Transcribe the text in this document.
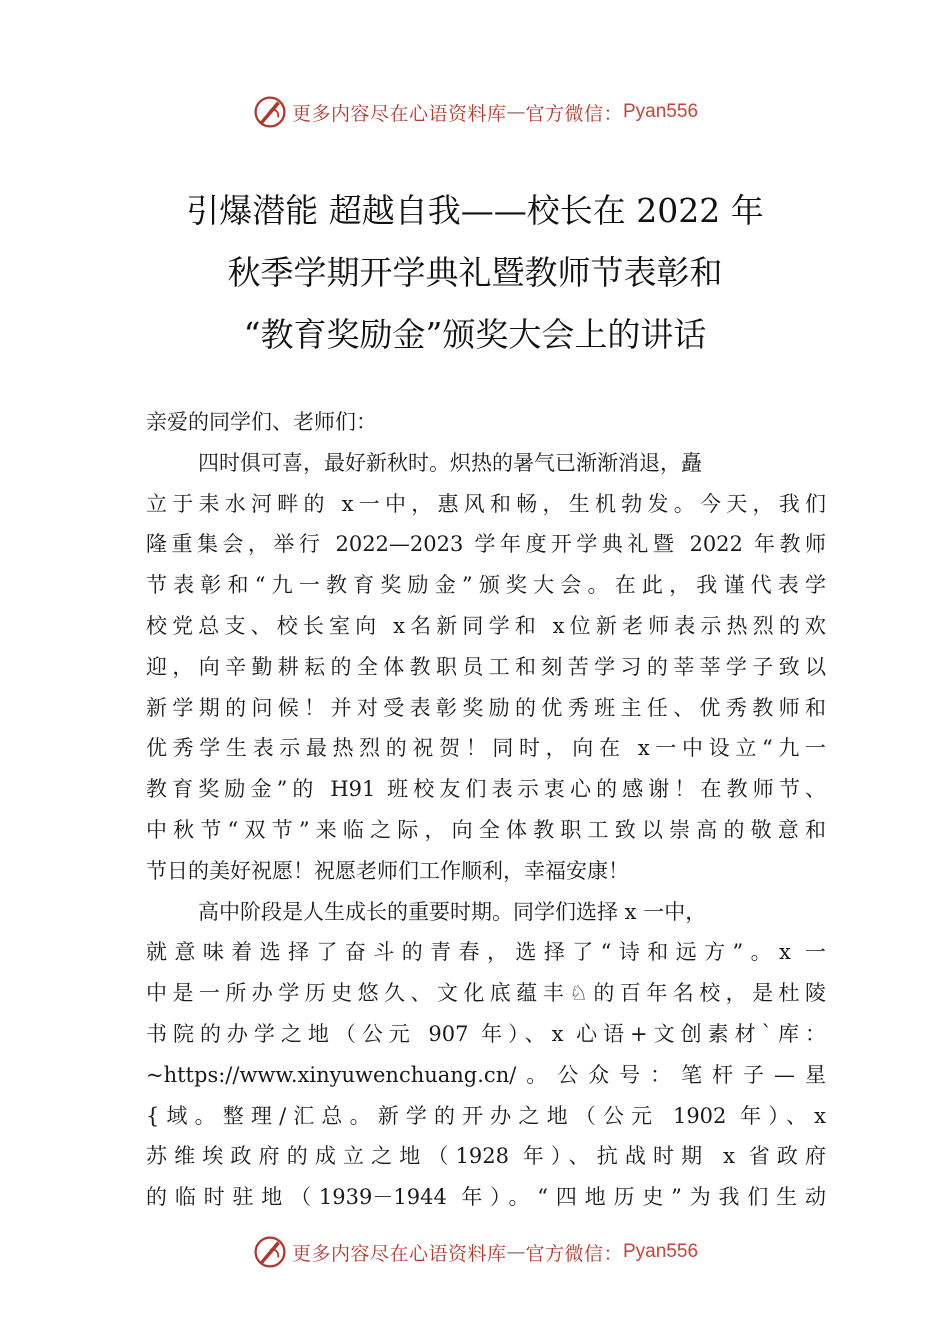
更多内容尽在心语资料库 — 官方微信： Pyan556
引爆潜能 超越自我——校长在 2022 年
秋季学期开学典礼暨教师节表彰和
“教育奖励金”颁奖大会上的讲话
亲爱的同学们、老师们：
四时俱可喜，最好新秋时。炽热的暑气已渐渐消退，矗
立于耒水河畔的 x一中，惠风和畅，生机勃发。今天，我们
隆重集会，举行 2022—2023 学年度开学典礼暨 2022 年教师
节表彰和“九一教育奖励金”颁奖大会。在此，我谨代表学
校党总支、校长室向 x名新同学和 x位新老师表示热烈的欢
迎，向辛勤耕耘的全体教职员工和刻苦学习的莘莘学子致以
新学期的问候！并对受表彰奖励的优秀班主任、优秀教师和
优秀学生表示最热烈的祝贺！同时，向在 x一中设立“九一
教育奖励金”的 H91 班校友们表示衷心的感谢！在教师节、
中秋节“双节”来临之际，向全体教职工致以崇高的敬意和
节日的美好祝愿！祝愿老师们工作顺利，幸福安康！
高中阶段是人生成长的重要时期。同学们选择 x 一中，
就意味着选择了奋斗的青春，选择了“诗和远方”。x 一
中是一所办学历史悠久、文化底蕴丰♘的百年名校，是杜陵
书院的办学之地（公元 907 年）、x 心语+文创素材`库：
~https://www.xinyuwenchuang.cn/。公众号：笔杆子—星
{域。整理/汇总。新学的开办之地（公元 1902 年）、x
苏维埃政府的成立之地（1928 年）、抗战时期 x 省政府
的临时驻地（1939－1944 年）。“四地历史”为我们生动
更多内容尽在心语资料库 — 官方微信： Pyan556
